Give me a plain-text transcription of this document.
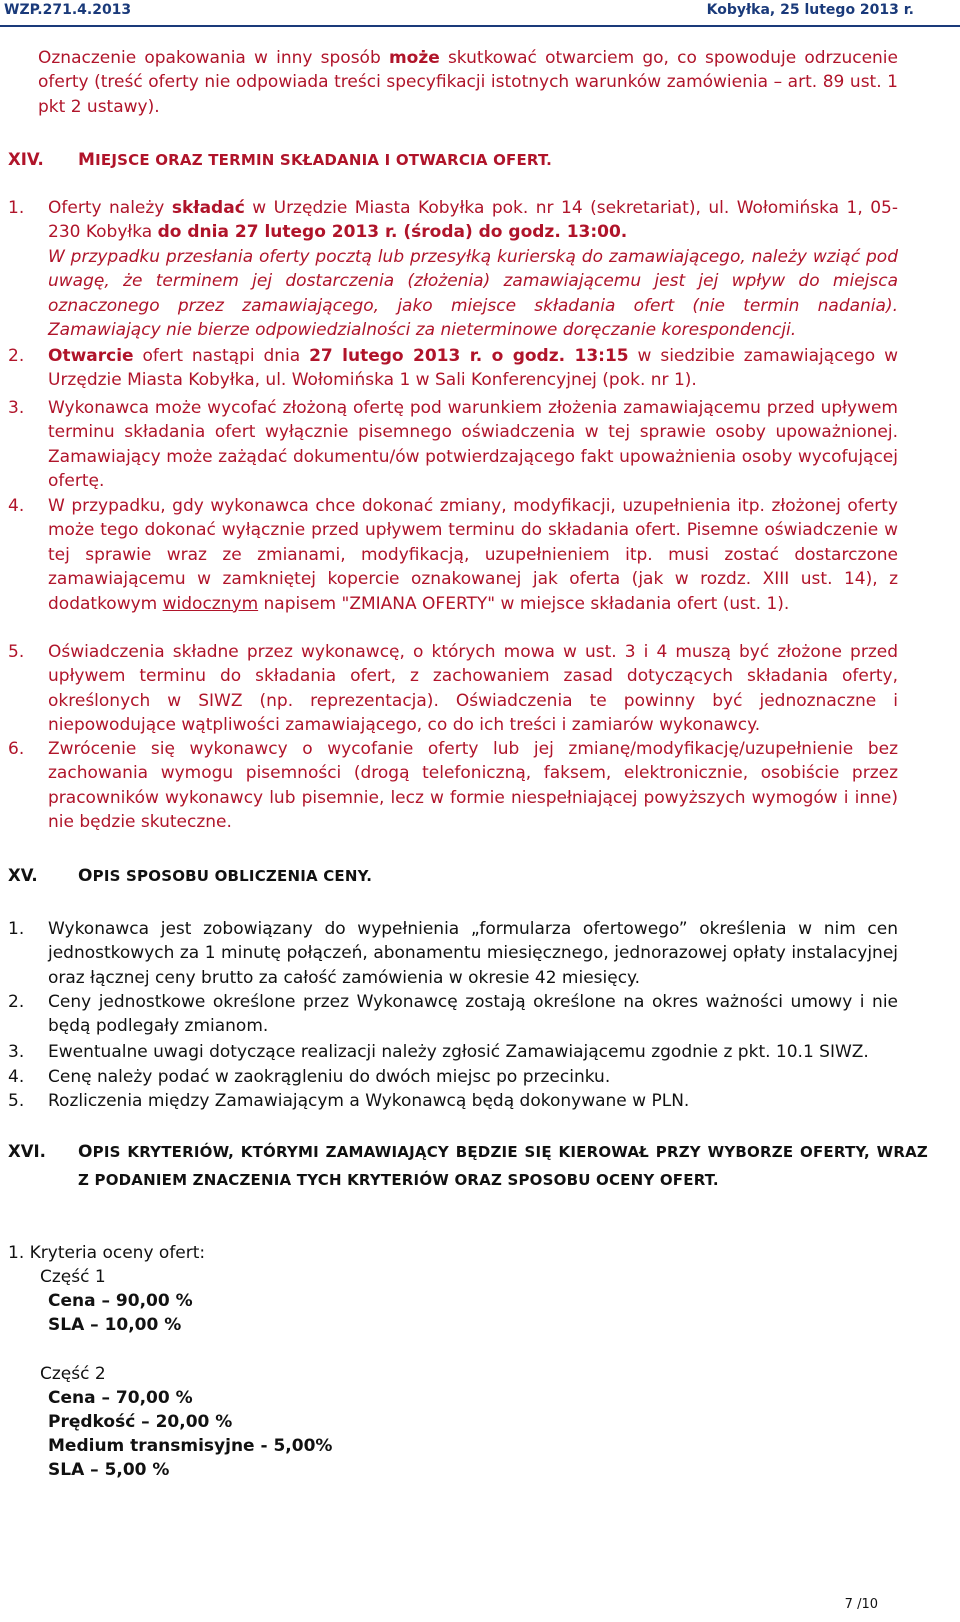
WZP.271.4.2013	Kobyłka, 25 lutego 2013 r.
Oznaczenie opakowania w inny sposób może skutkować otwarciem go, co spowoduje odrzucenie oferty (treść oferty nie odpowiada treści specyfikacji istotnych warunków zamówienia – art. 89 ust. 1 pkt 2 ustawy).
XIV. MIEJSCE ORAZ TERMIN SKŁADANIA I OTWARCIA OFERT.
1. Oferty należy składać w Urzędzie Miasta Kobyłka pok. nr 14 (sekretariat), ul. Wołomińska 1, 05-230 Kobyłka do dnia 27 lutego 2013 r. (środa) do godz. 13:00.
W przypadku przesłania oferty pocztą lub przesyłką kurierską do zamawiającego, należy wziąć pod uwagę, że terminem jej dostarczenia (złożenia) zamawiającemu jest jej wpływ do miejsca oznaczonego przez zamawiającego, jako miejsce składania ofert (nie termin nadania). Zamawiający nie bierze odpowiedzialności za nieterminowe doręczanie korespondencji.
2. Otwarcie ofert nastąpi dnia 27 lutego 2013 r. o godz. 13:15 w siedzibie zamawiającego w Urzędzie Miasta Kobyłka, ul. Wołomińska 1 w Sali Konferencyjnej (pok. nr 1).
3. Wykonawca może wycofać złożoną ofertę pod warunkiem złożenia zamawiającemu przed upływem terminu składania ofert wyłącznie pisemnego oświadczenia w tej sprawie osoby upoważnionej. Zamawiający może zażądać dokumentu/ów potwierdzającego fakt upoważnienia osoby wycofującej ofertę.
4. W przypadku, gdy wykonawca chce dokonać zmiany, modyfikacji, uzupełnienia itp. złożonej oferty może tego dokonać wyłącznie przed upływem terminu do składania ofert. Pisemne oświadczenie w tej sprawie wraz ze zmianami, modyfikacją, uzupełnieniem itp. musi zostać dostarczone zamawiającemu w zamkniętej kopercie oznakowanej jak oferta (jak w rozdz. XIII ust. 14), z dodatkowym widocznym napisem "ZMIANA OFERTY" w miejsce składania ofert (ust. 1).
5. Oświadczenia składne przez wykonawcę, o których mowa w ust. 3 i 4 muszą być złożone przed upływem terminu do składania ofert, z zachowaniem zasad dotyczących składania oferty, określonych w SIWZ (np. reprezentacja). Oświadczenia te powinny być jednoznaczne i niepowodujące wątpliwości zamawiającego, co do ich treści i zamiarów wykonawcy.
6. Zwrócenie się wykonawcy o wycofanie oferty lub jej zmianę/modyfikację/uzupełnienie bez zachowania wymogu pisemności (drogą telefoniczną, faksem, elektronicznie, osobiście przez pracowników wykonawcy lub pisemnie, lecz w formie niespełniającej powyższych wymogów i inne) nie będzie skuteczne.
XV. OPIS SPOSOBU OBLICZENIA CENY.
1. Wykonawca jest zobowiązany do wypełnienia „formularza ofertowego” określenia w nim cen jednostkowych za 1 minutę połączeń, abonamentu miesięcznego, jednorazowej opłaty instalacyjnej oraz łącznej ceny brutto za całość zamówienia w okresie 42 miesięcy.
2. Ceny jednostkowe określone przez Wykonawcę zostają określone na okres ważności umowy i nie będą podlegały zmianom.
3. Ewentualne uwagi dotyczące realizacji należy zgłosić Zamawiającemu zgodnie z pkt. 10.1 SIWZ.
4. Cenę należy podać w zaokrągleniu do dwóch miejsc po przecinku.
5. Rozliczenia między Zamawiającym a Wykonawcą będą dokonywane w PLN.
XVI. OPIS KRYTERIÓW, KTÓRYMI ZAMAWIAJĄCY BĘDZIE SIĘ KIEROWAŁ PRZY WYBORZE OFERTY, WRAZ Z PODANIEM ZNACZENIA TYCH KRYTERIÓW ORAZ SPOSOBU OCENY OFERT.
1. Kryteria oceny ofert:
Część 1
Cena – 90,00 %
SLA – 10,00 %
Część 2
Cena – 70,00 %
Prędkość – 20,00 %
Medium transmisyjne - 5,00%
SLA – 5,00 %
7 /10
